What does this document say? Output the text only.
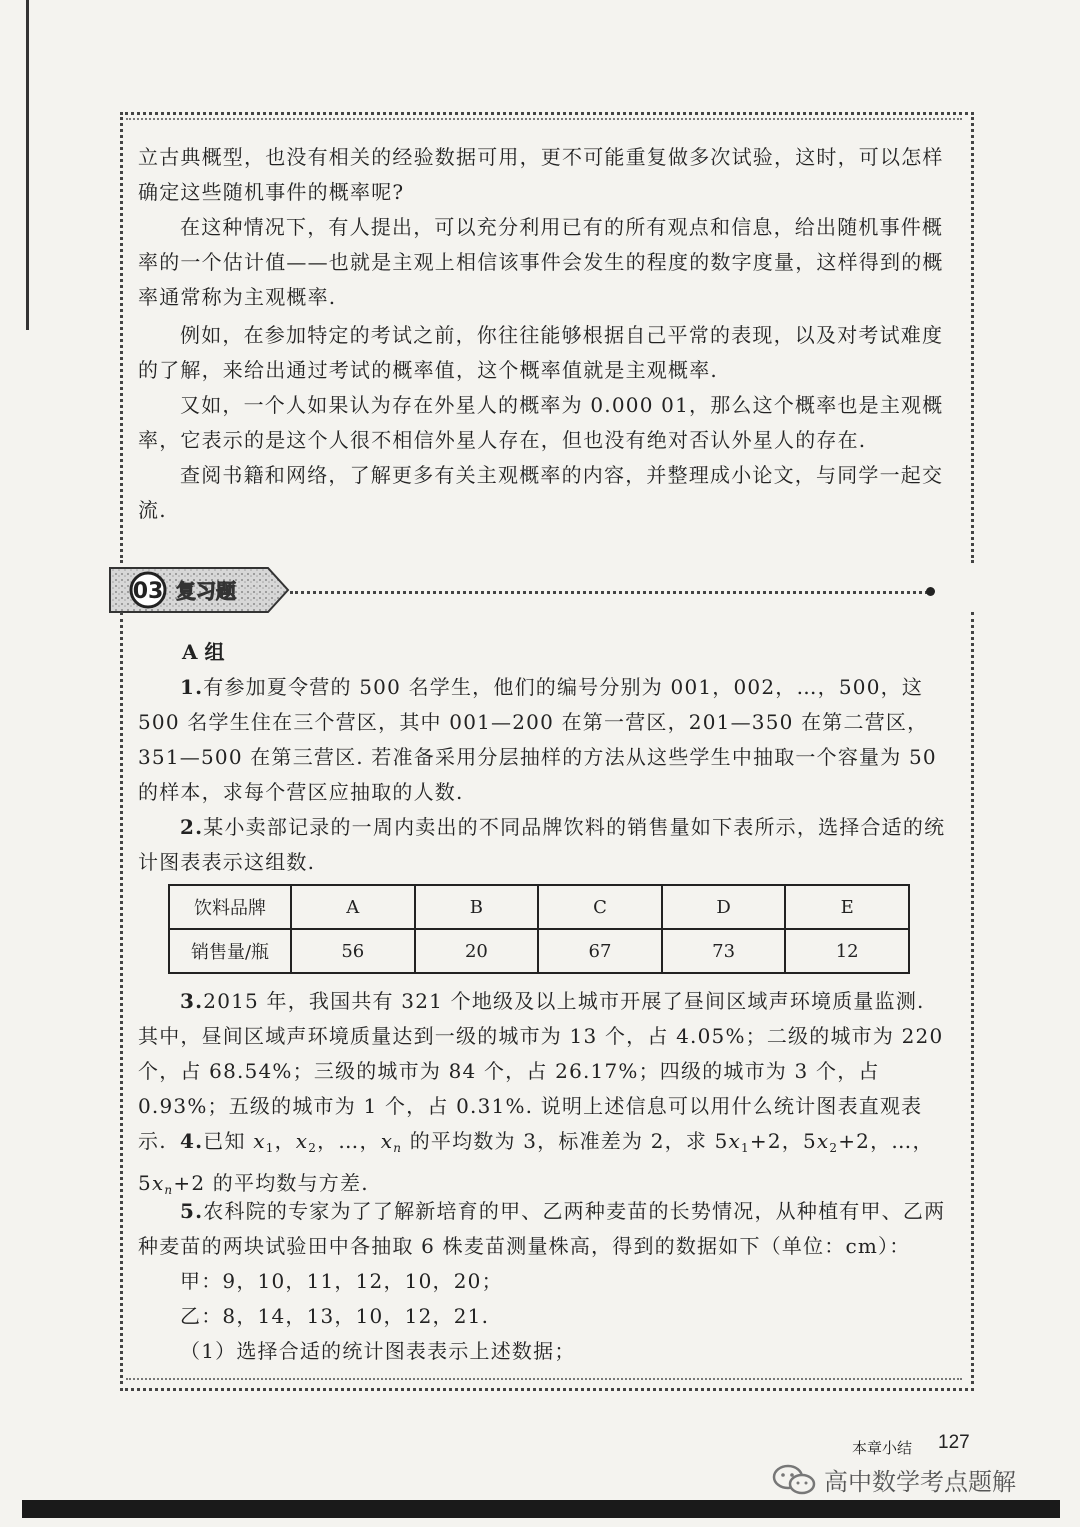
立古典概型，也没有相关的经验数据可用，更不可能重复做多次试验，这时，可以怎样确定这些随机事件的概率呢?

在这种情况下，有人提出，可以充分利用已有的所有观点和信息，给出随机事件概率的一个估计值——也就是主观上相信该事件会发生的程度的数字度量，这样得到的概率通常称为主观概率.

例如，在参加特定的考试之前，你往往能够根据自己平常的表现，以及对考试难度的了解，来给出通过考试的概率值，这个概率值就是主观概率.

又如，一个人如果认为存在外星人的概率为 0.000 01，那么这个概率也是主观概率，它表示的是这个人很不相信外星人存在，但也没有绝对否认外星人的存在.

查阅书籍和网络，了解更多有关主观概率的内容，并整理成小论文，与同学一起交流.

03 复习题
A 组

1.有参加夏令营的 500 名学生，他们的编号分别为 001，002，…，500，这 500 名学生住在三个营区，其中 001—200 在第一营区，201—350 在第二营区，351—500 在第三营区. 若准备采用分层抽样的方法从这些学生中抽取一个容量为 50 的样本，求每个营区应抽取的人数.

2.某小卖部记录的一周内卖出的不同品牌饮料的销售量如下表所示，选择合适的统计图表表示这组数.

饮料品牌	A	B	C	D	E
销售量/瓶	56	20	67	73	12

3.2015 年，我国共有 321 个地级及以上城市开展了昼间区域声环境质量监测. 其中，昼间区域声环境质量达到一级的城市为 13 个，占 4.05%；二级的城市为 220 个，占 68.54%；三级的城市为 84 个，占 26.17%；四级的城市为 3 个，占 0.93%；五级的城市为 1 个，占 0.31%. 说明上述信息可以用什么统计图表直观表示. 4.已知 $x_1$，$x_2$，…，$x_n$ 的平均数为 3，标准差为 2，求 $5x_1+2$，$5x_2+2$，…，$5x_n+2$ 的平均数与方差.

5.农科院的专家为了了解新培育的甲、乙两种麦苗的长势情况，从种植有甲、乙两种麦苗的两块试验田中各抽取 6 株麦苗测量株高，得到的数据如下（单位：cm）：

甲：9，10，11，12，10，20；

乙：8，14，13，10，12，21.

（1）选择合适的统计图表表示上述数据；

本章小结 127
高中数学考点题解
